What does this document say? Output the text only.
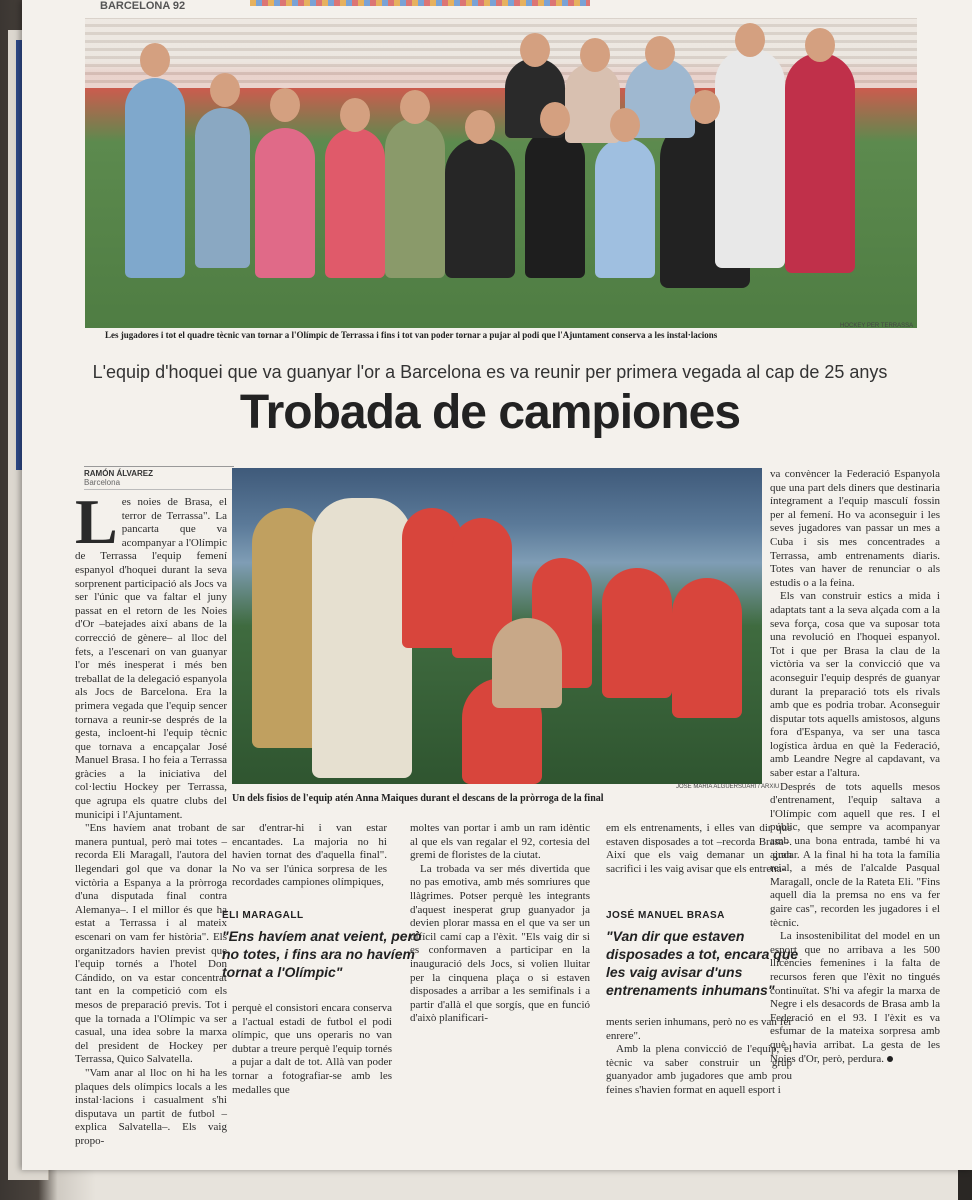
BARCELONA 92
HOCKEY PER TERRASSA
Les jugadores i tot el quadre tècnic van tornar a l'Olímpic de Terrassa i fins i tot van poder tornar a pujar al podi que l'Ajuntament conserva a les instal·lacions
L'equip d'hoquei que va guanyar l'or a Barcelona es va reunir per primera vegada al cap de 25 anys
Trobada de campiones
RAMÓN ÁLVAREZ
Barcelona
L es noies de Brasa, el terror de Terrassa". La pancarta que va acompanyar a l'Olímpic de Terrassa l'equip femení espanyol d'hoquei durant la seva sorprenent participació als Jocs va ser l'únic que va faltar el juny passat en el retorn de les Noies d'Or –batejades així abans de la correcció de gènere– al lloc del fets, a l'escenari on van guanyar l'or més inesperat i més ben treballat de la delegació espanyola als Jocs de Barcelona. Era la primera vegada que l'equip sencer tornava a reunir-se després de la gesta, incloent-hi l'equip tècnic que tornava a encapçalar José Manuel Brasa. I ho feia a Terrassa gràcies a la iniciativa del col·lectiu Hockey per Terrassa, que agrupa els quatre clubs del municipi i l'Ajuntament.

"Ens havíem anat trobant de manera puntual, però mai totes –recorda Eli Maragall, l'autora del llegendari gol que va donar la victòria a Espanya a la pròrroga d'una disputada final contra Alemanya–. I el millor és que ha estat a Terrassa i al mateix escenari on vam fer història". Els organitzadors havien previst que l'equip tornés a l'hotel Don Cándido, on va estar concentrat tant en la competició com els mesos de preparació previs. Tot i que la tornada a l'Olímpic va ser casual, una idea sobre la marxa del president de Hockey per Terrassa, Quico Salvatella.

"Vam anar al lloc on hi ha les plaques dels olímpics locals a les instal·lacions i casualment s'hi disputava un partit de futbol –explica Salvatella–. Els vaig propo-

JOSÉ MARÍA ALGUERSUARI / ARXIU
Un dels fisios de l'equip atén Anna Maiques durant el descans de la pròrroga de la final

sar d'entrar-hi i van estar encantades. La majoria no hi havien tornat des d'aquella final". No va ser l'única sorpresa de les recordades campiones olímpiques,

ELI MARAGALL
"Ens havíem anat veient, però no totes, i fins ara no havíem tornat a l'Olímpic"

perquè el consistori encara conserva a l'actual estadi de futbol el podi olímpic, que uns operaris no van dubtar a treure perquè l'equip tornés a pujar a dalt de tot. Allà van poder tornar a fotografiar-se amb les medalles que

moltes van portar i amb un ram idèntic al que els van regalar el 92, cortesia del gremi de floristes de la ciutat.

La trobada va ser més divertida que no pas emotiva, amb més somriures que llàgrimes. Potser perquè les integrants d'aquest inesperat grup guanyador ja devien plorar massa en el que va ser un difícil camí cap a l'èxit. "Els vaig dir si es conformaven a participar en la inauguració dels Jocs, si volien lluitar per la cinquena plaça o si estaven disposades a arribar a les semifinals i a partir d'allà el que sorgís, que en funció d'això planificari-

em els entrenaments, i elles van dir que estaven disposades a tot –recorda Brasa–. Així que els vaig demanar un gran sacrifici i les vaig avisar que els entrena-

JOSÉ MANUEL BRASA
"Van dir que estaven disposades a tot, encara que les vaig avisar d'uns entrenaments inhumans"

ments serien inhumans, però no es van fer enrere".

Amb la plena convicció de l'equip, el tècnic va saber construir un grup guanyador amb jugadores que amb prou feines s'havien format en aquell esport i

va convèncer la Federació Espanyola que una part dels diners que destinaria íntegrament a l'equip masculí fossin per al femení. Ho va aconseguir i les seves jugadores van passar un mes a Cuba i sis mes concentrades a Terrassa, amb entrenaments diaris. Totes van haver de renunciar o als estudis o a la feina.

Els van construir estics a mida i adaptats tant a la seva alçada com a la seva força, cosa que va suposar tota una revolució en l'hoquei espanyol. Tot i que per Brasa la clau de la victòria va ser la convicció que va aconseguir l'equip després de guanyar durant la preparació tots els rivals amb que es podria trobar. Aconseguir disputar tots aquells amistosos, alguns fora d'Espanya, va ser una tasca logística àrdua en què la Federació, amb Leandre Negre al capdavant, va saber estar a l'altura.

Després de tots aquells mesos d'entrenament, l'equip saltava a l'Olímpic com aquell que res. I el públic, que sempre va acompanyar amb una bona entrada, també hi va ajudar. A la final hi ha tota la família reial, a més de l'alcalde Pasqual Maragall, oncle de la Rateta Eli. "Fins aquell dia la premsa no ens va fer gaire cas", recorden les jugadores i el tècnic.

La insostenibilitat del model en un esport que no arribava a les 500 llicències femenines i la falta de recursos feren que l'èxit no tingués continuïtat. S'hi va afegir la marxa de Negre i els desacords de Brasa amb la Federació en el 93. I l'èxit es va esfumar de la mateixa sorpresa amb què havia arribat. La gesta de les Noies d'Or, però, perdura.
